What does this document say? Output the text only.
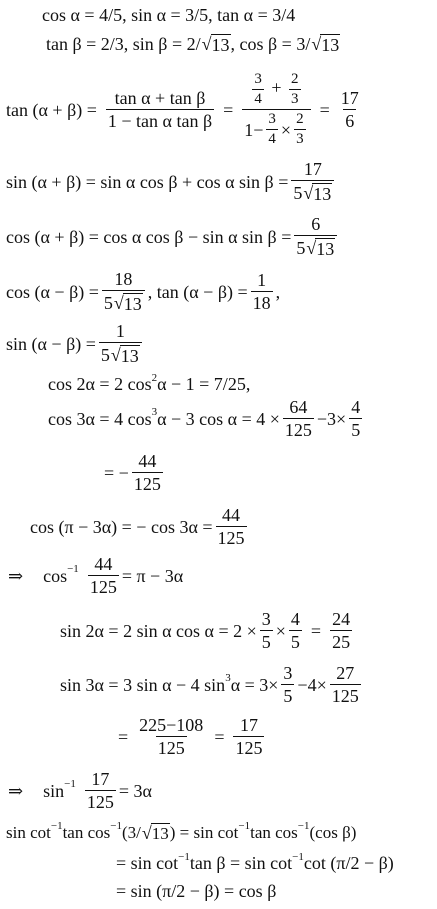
cos α = 4/5, sin α = 3/5, tan α = 3/4
tan β = 2/3, sin β = 2/ √ 13 , cos β = 3/ √ 13
$\tan (\alpha + \beta) = \frac{\text{tan α + tan β}}{\text{1 − tan α tan β}}$ =
$\frac{3}{4} + \frac{2}{3}$
$1- \frac{3}{4} \times \frac{2}{3}$
= $\frac{17}{6}$
sin (α + β) = sin α cos β + cos α $\sin \beta = \frac{17}{5 √ 13}$
cos (α + β) = cos α cos β − sin α $\sin \beta = \frac{6}{5 √ 13}$
$\cos (\alpha - \beta) = \frac{18}{5 √ 13}$ , $\tan (\alpha - \beta) = \frac{1}{18}$ ,
$\sin (\alpha - \beta) = \frac{1}{5 √ 13}$
cos 2α = 2 $\cos^2 \alpha - 1 = 7/25$,
cos 3α = 4 $\cos^3 \alpha - 3$ $\cos \alpha = 4 \times \frac{64}{125} -3\times \frac{4}{5}$
= − $\frac{44}{125}$
cos (π − 3α) = − $\cos 3\alpha = \frac{44}{125}$
⇒ $\cos^{-1} \frac{44}{125} = \pi - 3\alpha$
sin 2α = 2 sin α $\cos \alpha = 2 \times \frac{3}{5} \times \frac{4}{5} = \frac{24}{25}$
sin 3α = 3 sin α − 4 $\sin^3 \alpha = 3\times \frac{3}{5} -4\times \frac{27}{125}$
= $\frac{225-108}{125} = \frac{17}{125}$
⇒ $\sin^{-1} \frac{17}{125} = 3\alpha$
$\sin \cot^{-1} \tan \cos^{-1} (3/$ √ 13 ) = $\sin \cot^{-1} \tan \cos^{-1} (\cos$ β)
= $\sin \cot^{-1} \tan \beta = \sin \cot^{-1} \cot (\pi/2 - \beta)$
= sin (π/2 − β) = cos β
